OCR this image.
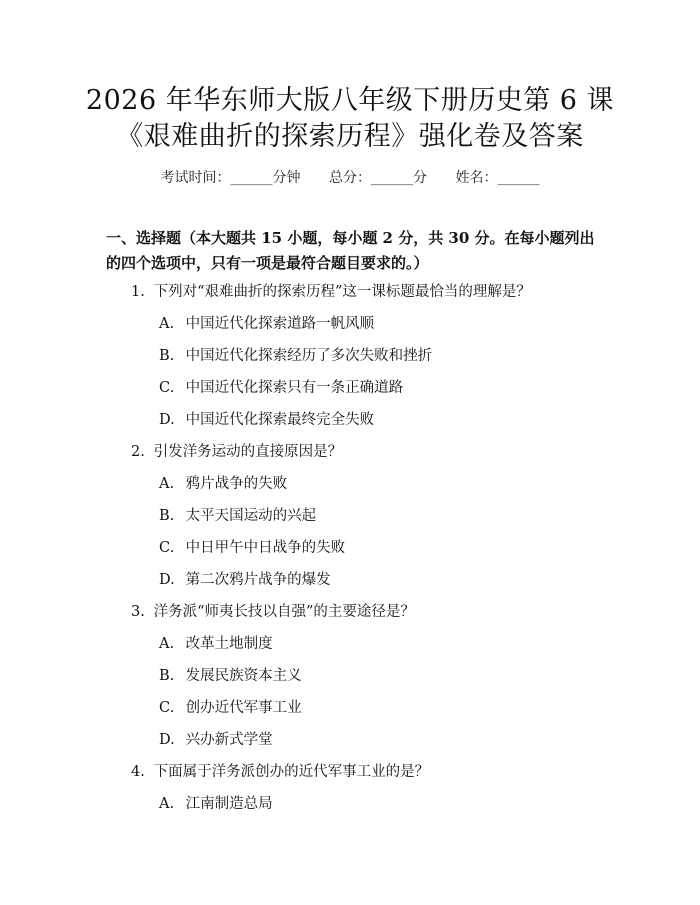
2026 年华东师大版八年级下册历史第 6 课
《艰难曲折的探索历程》强化卷及答案
考试时间：______分钟 总分：______分 姓名：______
一、选择题（本大题共 15 小题，每小题 2 分，共 30 分。在每小题列出的四个选项中，只有一项是最符合题目要求的。）
1. 下列对“艰难曲折的探索历程”这一课标题最恰当的理解是？
A. 中国近代化探索道路一帆风顺
B. 中国近代化探索经历了多次失败和挫折
C. 中国近代化探索只有一条正确道路
D. 中国近代化探索最终完全失败
2. 引发洋务运动的直接原因是？
A. 鸦片战争的失败
B. 太平天国运动的兴起
C. 中日甲午中日战争的失败
D. 第二次鸦片战争的爆发
3. 洋务派“师夷长技以自强”的主要途径是？
A. 改革土地制度
B. 发展民族资本主义
C. 创办近代军事工业
D. 兴办新式学堂
4. 下面属于洋务派创办的近代军事工业的是？
A. 江南制造总局
